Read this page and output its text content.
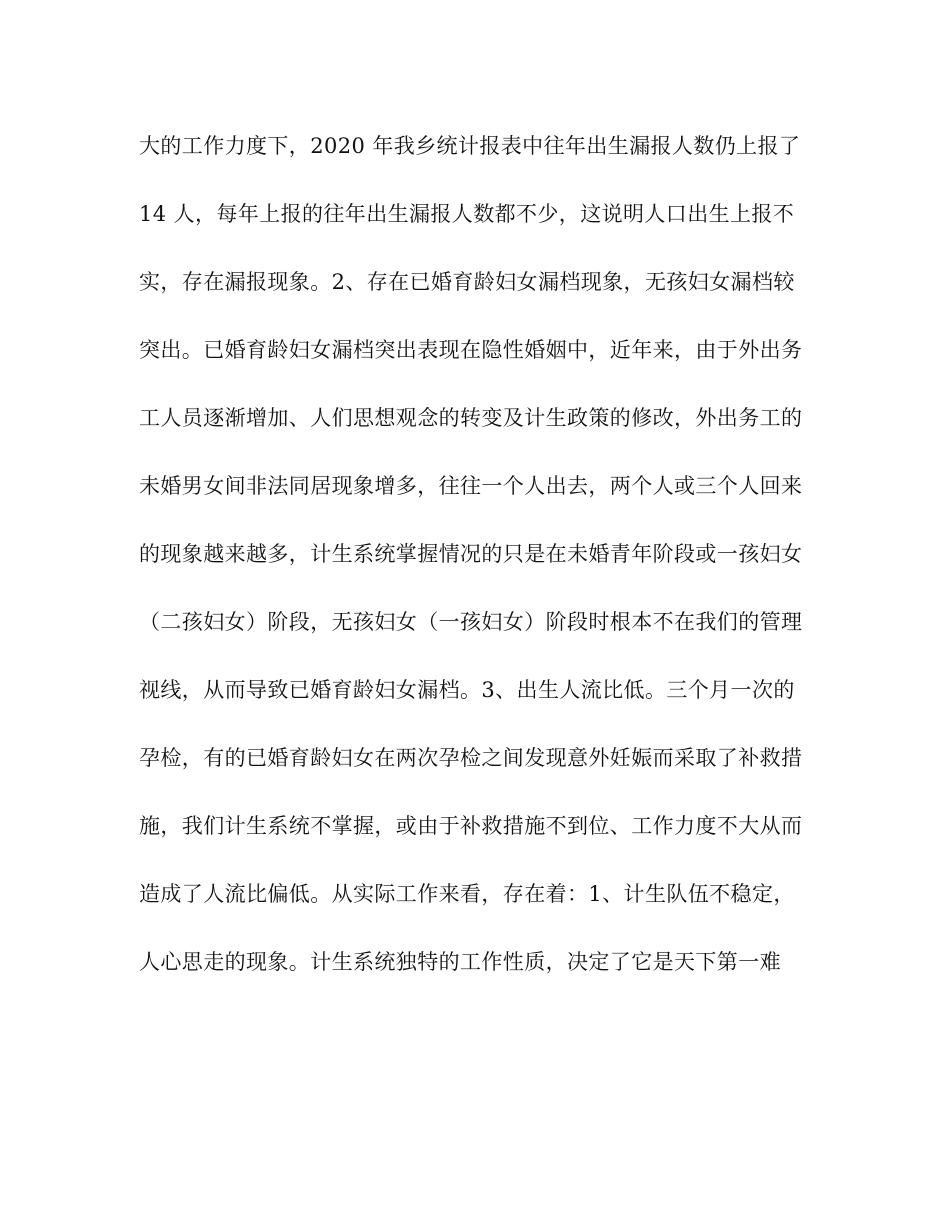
大的工作力度下，2020 年我乡统计报表中往年出生漏报人数仍上报了
14 人，每年上报的往年出生漏报人数都不少，这说明人口出生上报不
实，存在漏报现象。2、存在已婚育龄妇女漏档现象，无孩妇女漏档较
突出。已婚育龄妇女漏档突出表现在隐性婚姻中，近年来，由于外出务
工人员逐渐增加、人们思想观念的转变及计生政策的修改，外出务工的
未婚男女间非法同居现象增多，往往一个人出去，两个人或三个人回来
的现象越来越多，计生系统掌握情况的只是在未婚青年阶段或一孩妇女
（二孩妇女）阶段，无孩妇女（一孩妇女）阶段时根本不在我们的管理
视线，从而导致已婚育龄妇女漏档。3、出生人流比低。三个月一次的
孕检，有的已婚育龄妇女在两次孕检之间发现意外妊娠而采取了补救措
施，我们计生系统不掌握，或由于补救措施不到位、工作力度不大从而
造成了人流比偏低。从实际工作来看，存在着：1、计生队伍不稳定，
人心思走的现象。计生系统独特的工作性质，决定了它是天下第一难
